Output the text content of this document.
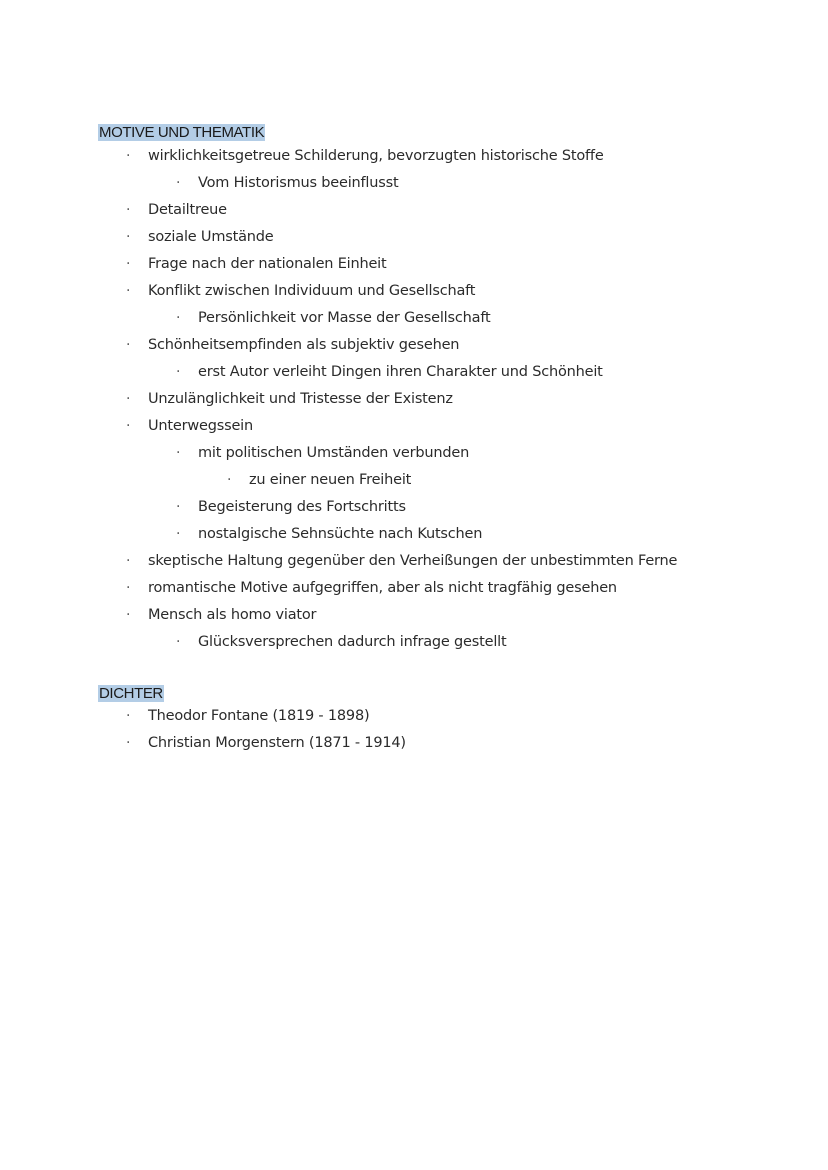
MOTIVE UND THEMATIK
· wirklichkeitsgetreue Schilderung, bevorzugten historische Stoffe
· Vom Historismus beeinflusst
· Detailtreue
· soziale Umstände
· Frage nach der nationalen Einheit
· Konflikt zwischen Individuum und Gesellschaft
· Persönlichkeit vor Masse der Gesellschaft
· Schönheitsempfinden als subjektiv gesehen
· erst Autor verleiht Dingen ihren Charakter und Schönheit
· Unzulänglichkeit und Tristesse der Existenz
· Unterwegssein
· mit politischen Umständen verbunden
· zu einer neuen Freiheit
· Begeisterung des Fortschritts
· nostalgische Sehnsüchte nach Kutschen
· skeptische Haltung gegenüber den Verheißungen der unbestimmten Ferne
· romantische Motive aufgegriffen, aber als nicht tragfähig gesehen
· Mensch als homo viator
· Glücksversprechen dadurch infrage gestellt
DICHTER
· Theodor Fontane (1819 - 1898)
· Christian Morgenstern (1871 - 1914)
